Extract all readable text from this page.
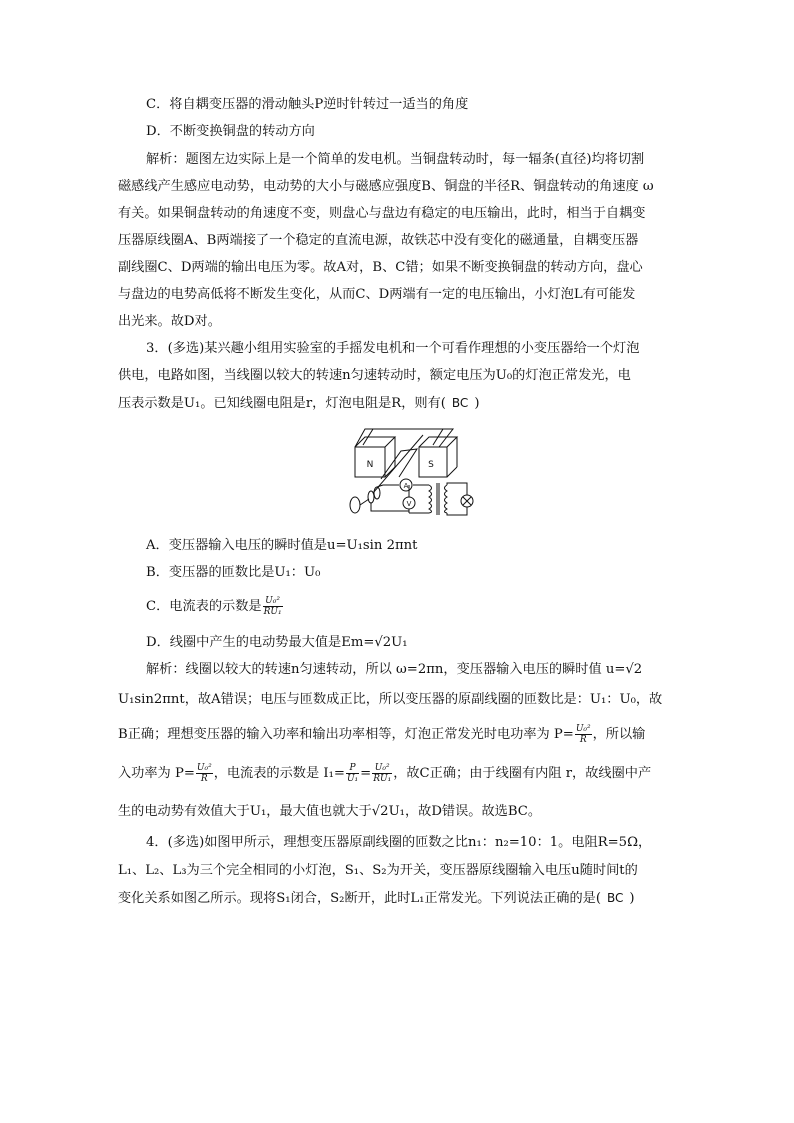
C．将自耦变压器的滑动触头P逆时针转过一适当的角度
D．不断变换铜盘的转动方向
解析：题图左边实际上是一个简单的发电机。当铜盘转动时，每一辐条(直径)均将切割
磁感线产生感应电动势，电动势的大小与磁感应强度B、铜盘的半径R、铜盘转动的角速度 ω
有关。如果铜盘转动的角速度不变，则盘心与盘边有稳定的电压输出，此时，相当于自耦变
压器原线圈A、B两端接了一个稳定的直流电源，故铁芯中没有变化的磁通量，自耦变压器
副线圈C、D两端的输出电压为零。故A对，B、C错；如果不断变换铜盘的转动方向，盘心
与盘边的电势高低将不断发生变化，从而C、D两端有一定的电压输出，小灯泡L有可能发
出光来。故D对。
3．(多选)某兴趣小组用实验室的手摇发电机和一个可看作理想的小变压器给一个灯泡
供电，电路如图，当线圈以较大的转速n匀速转动时，额定电压为U₀的灯泡正常发光，电
压表示数是U₁。已知线圈电阻是r，灯泡电阻是R，则有( BC )
N	S
A
V
A．变压器输入电压的瞬时值是u=U₁sin 2πnt
B．变压器的匝数比是U₁：U₀
C．电流表的示数是 $\frac{\text{U₀²}}{\text{RU₁}}$
D．线圈中产生的电动势最大值是Em=√2U₁
解析：线圈以较大的转速n匀速转动，所以 ω=2πn，变压器输入电压的瞬时值 u=√2
U₁sin2πnt，故A错误；电压与匝数成正比，所以变压器的原副线圈的匝数比是：U₁：U₀，故
B正确；理想变压器的输入功率和输出功率相等，灯泡正常发光时电功率为 $P= \frac{\text{U₀²}}{R}$ ，所以输
入功率为 $P= \frac{\text{U₀²}}{R}$ ，电流表的示数是 $I_1= \frac{P}{\text{U₁}} = \frac{\text{U₀²}}{\text{RU₁}}$ ，故C正确；由于线圈有内阻 r，故线圈中产
生的电动势有效值大于U₁，最大值也就大于√2U₁，故D错误。故选BC。
4．(多选)如图甲所示，理想变压器原副线圈的匝数之比n₁：n₂=10：1。电阻R=5Ω，
L₁、L₂、L₃为三个完全相同的小灯泡，S₁、S₂为开关，变压器原线圈输入电压u随时间t的
变化关系如图乙所示。现将S₁闭合，S₂断开，此时L₁正常发光。下列说法正确的是( BC )
